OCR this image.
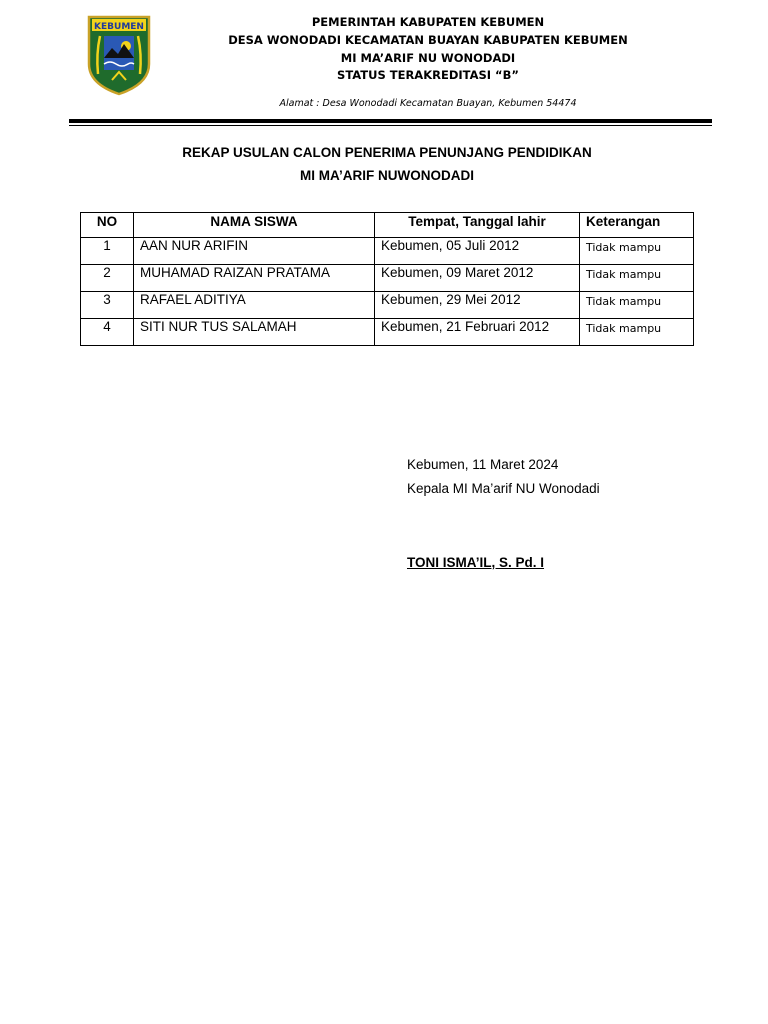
KEBUMEN	PEMERINTAH KABUPATEN KEBUMEN
DESA WONODADI KECAMATAN BUAYAN KABUPATEN KEBUMEN
MI MA’ARIF NU WONODADI
STATUS TERAKREDITASI “B”
Alamat : Desa Wonodadi Kecamatan Buayan, Kebumen 54474
REKAP USULAN CALON PENERIMA PENUNJANG PENDIDIKAN
MI MA’ARIF NUWONODADI
NO	NAMA SISWA	Tempat, Tanggal lahir	Keterangan
1	AAN NUR ARIFIN	Kebumen, 05 Juli 2012	Tidak mampu
2	MUHAMAD RAIZAN PRATAMA	Kebumen, 09 Maret 2012	Tidak mampu
3	RAFAEL ADITIYA	Kebumen, 29 Mei 2012	Tidak mampu
4	SITI NUR TUS SALAMAH	Kebumen, 21 Februari 2012	Tidak mampu
Kebumen, 11 Maret 2024
Kepala MI Ma’arif NU Wonodadi
TONI ISMA’IL, S. Pd. I
